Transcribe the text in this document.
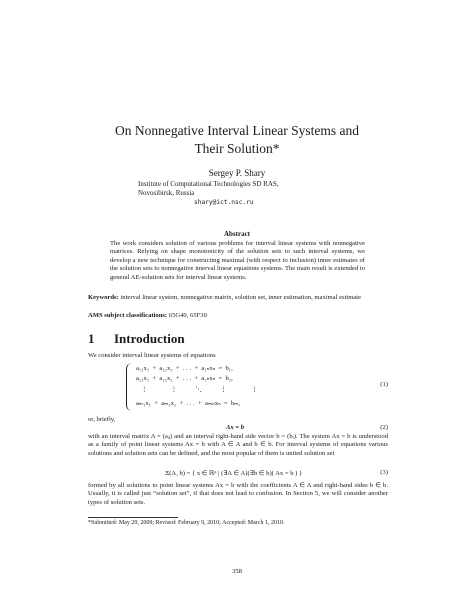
On Nonnegative Interval Linear Systems and
Their Solution*
Sergey P. Shary
Institute of Computational Technologies SD RAS,
Novosibirsk, Russia
shary@ict.nsc.ru
Abstract
The work considers solution of various problems for interval linear systems with nonnegative matrices. Relying on shape monotonicity of the solution sets to such interval systems, we develop a new technique for constructing maximal (with respect to inclusion) inner estimates of the solution sets to nonnegative interval linear equations systems. The main result is extended to general AE-solution sets for interval linear systems.
Keywords: interval linear system, nonnegative matrix, solution set, inner estimation, maximal estimate
AMS subject classifications: 65G40, 65F30
1 Introduction
We consider interval linear systems of equations
a₁₁x₁  +  a₁₂x₂  +  . . .  +  a₁ₙxₙ  =  b₁,
a₂₁x₁  +  a₂₂x₂  +  . . .  +  a₂ₙxₙ  =  b₂,
⋮              ⋮           ⋱           ⋮               ⋮
aₘ₁x₁  +  aₘ₂x₂  +  . . .  +  aₘₙxₙ  =  bₘ,
(1)
or, briefly,
Ax = b	(2)
with an interval matrix A = (aᵢⱼ) and an interval right-hand side vector b = (bᵢ). The system Ax = b is understood as a family of point linear systems Ax = b with A ∈ A and b ∈ b. For interval systems of equations various solutions and solution sets can be defined, and the most popular of them is united solution set
Ξ(A, b) = { x ∈ ℝⁿ | (∃A ∈ A)(∃b ∈ b)( Ax = b ) }	(3)
formed by all solutions to point linear systems Ax = b with the coefficients A ∈ A and right-hand sides b ∈ b. Usually, it is called just “solution set”, if that does not lead to confusion. In Section 5, we will consider another types of solution sets.
*Submitted: May 29, 2009; Revised: February 9, 2010; Accepted: March 1, 2010.
358
